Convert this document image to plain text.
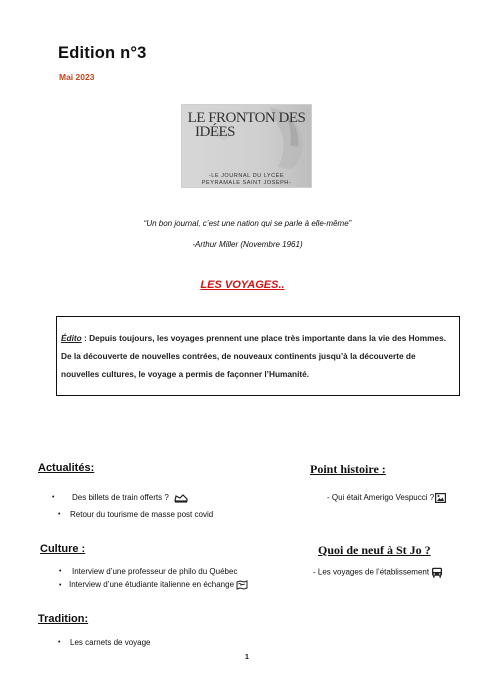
Edition n°3
Mai 2023
LE FRONTON DES
IDÉES
-LE JOURNAL DU LYCÉE
PEYRAMALE SAINT JOSEPH-
“Un bon journal, c’est une nation qui se parle à elle-même”
-Arthur Miller (Novembre 1961)
LES VOYAGES..
Édito : Depuis toujours, les voyages prennent une place très importante dans la vie des Hommes. De la découverte de nouvelles contrées, de nouveaux continents jusqu’à la découverte de nouvelles cultures, le voyage a permis de façonner l’Humanité.
Actualités:
• Des billets de train offerts ?
• Retour du tourisme de masse post covid
Point histoire :
- Qui était Amerigo Vespucci ?
Culture :
• Interview d’une professeur de philo du Québec
• Interview d’une étudiante italienne en échange
Quoi de neuf à St Jo ?
- Les voyages de l’établissement
Tradition:
• Les carnets de voyage
1
